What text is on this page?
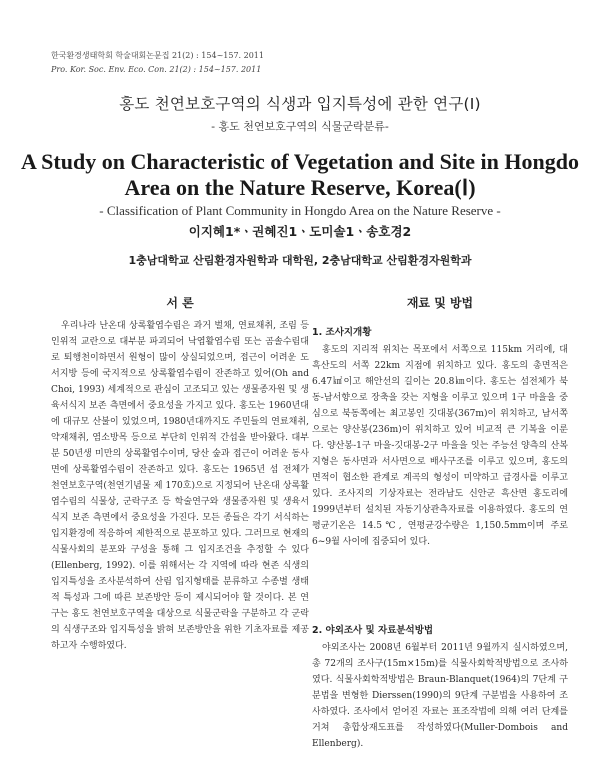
한국환경생태학회 학술대회논문집 21(2) : 154~157. 2011
Pro. Kor. Soc. Env. Eco. Con. 21(2) : 154~157. 2011
홍도 천연보호구역의 식생과 입지특성에 관한 연구(Ⅰ)
- 홍도 천연보호구역의 식물군락분류-
A Study on Characteristic of Vegetation and Site in Hongdo
Area on the Nature Reserve, Korea(Ⅰ)
- Classification of Plant Community in Hongdo Area on the Nature Reserve -
이지혜1*ㆍ권혜진1ㆍ도미솔1ㆍ송호경2
1충남대학교 산림환경자원학과 대학원, 2충남대학교 산림환경자원학과
서 론

우리나라 난온대 상록활엽수림은 과거 벌채, 연료채취, 조림 등 인위적 교란으로 대부분 파괴되어 낙엽활엽수림 또는 곰솔수림대로 퇴행천이하면서 원형이 많이 상실되었으며, 접근이 어려운 도서지방 등에 국지적으로 상록활엽수림이 잔존하고 있어(Oh and Choi, 1993) 세계적으로 관심이 고조되고 있는 생물종자원 및 생육서식지 보존 측면에서 중요성을 가지고 있다. 홍도는 1960년대에 대규모 산불이 있었으며, 1980년대까지도 주민들의 연료채취, 약재채취, 염소방목 등으로 부단히 인위적 간섭을 받아왔다. 대부분 50년생 미만의 상록활엽수이며, 당산 숲과 접근이 어려운 동사면에 상록활엽수림이 잔존하고 있다. 홍도는 1965년 섬 전체가 천연보호구역(천연기념물 제 170호)으로 지정되어 난온대 상록활엽수림의 식물상, 군락구조 등 학술연구와 생물종자원 및 생육서식지 보존 측면에서 중요성을 가진다. 모든 종들은 각기 서식하는 입지환경에 적응하여 제한적으로 분포하고 있다. 그러므로 현재의 식물사회의 분포와 구성을 통해 그 입지조건을 추정할 수 있다(Ellenberg, 1992). 이를 위해서는 각 지역에 따라 현존 식생의 입지특성을 조사분석하여 산림 입지형태를 분류하고 수종별 생태적 특성과 그에 따른 보존방안 등이 제시되어야 할 것이다. 본 연구는 홍도 천연보호구역을 대상으로 식물군락을 구분하고 각 군락의 식생구조와 입지특성을 밝혀 보존방안을 위한 기초자료를 제공하고자 수행하였다.

재료 및 방법
1. 조사지개황

홍도의 지리적 위치는 목포에서 서쪽으로 115km 거리에, 대흑산도의 서쪽 22km 지점에 위치하고 있다. 홍도의 총면적은 6.47㎢이고 해안선의 길이는 20.8㎞이다. 홍도는 섬전체가 북동-남서향으로 장축을 갖는 지형을 이루고 있으며 1구 마을을 중심으로 북동쪽에는 최고봉인 깃대봉(367m)이 위치하고, 남서쪽으로는 양산봉(236m)이 위치하고 있어 비교적 큰 기복을 이룬다. 양산봉-1구 마을-깃대봉-2구 마을을 잇는 주능선 양측의 산복지형은 동사면과 서사면으로 배사구조를 이루고 있으며, 홍도의 면적이 협소한 관계로 계곡의 형성이 미약하고 급경사를 이루고 있다. 조사지의 기상자료는 전라남도 신안군 흑산면 홍도리에 1999년부터 설치된 자동기상관측자료를 이용하였다. 홍도의 연평균기온은 14.5℃, 연평균강수량은 1,150.5mm이며 주로 6~9월 사이에 집중되어 있다.

2. 야외조사 및 자료분석방법

야외조사는 2008년 6월부터 2011년 9월까지 실시하였으며, 총 72개의 조사구(15m×15m)를 식물사회학적방법으로 조사하였다. 식물사회학적방법은 Braun-Blanquet(1964)의 7단계 구분법을 변형한 Dierssen(1990)의 9단계 구분법을 사용하여 조사하였다. 조사에서 얻어진 자료는 표조작법에 의해 여러 단계를 거쳐 총합상재도표를 작성하였다(Muller-Dombois and Ellenberg).
